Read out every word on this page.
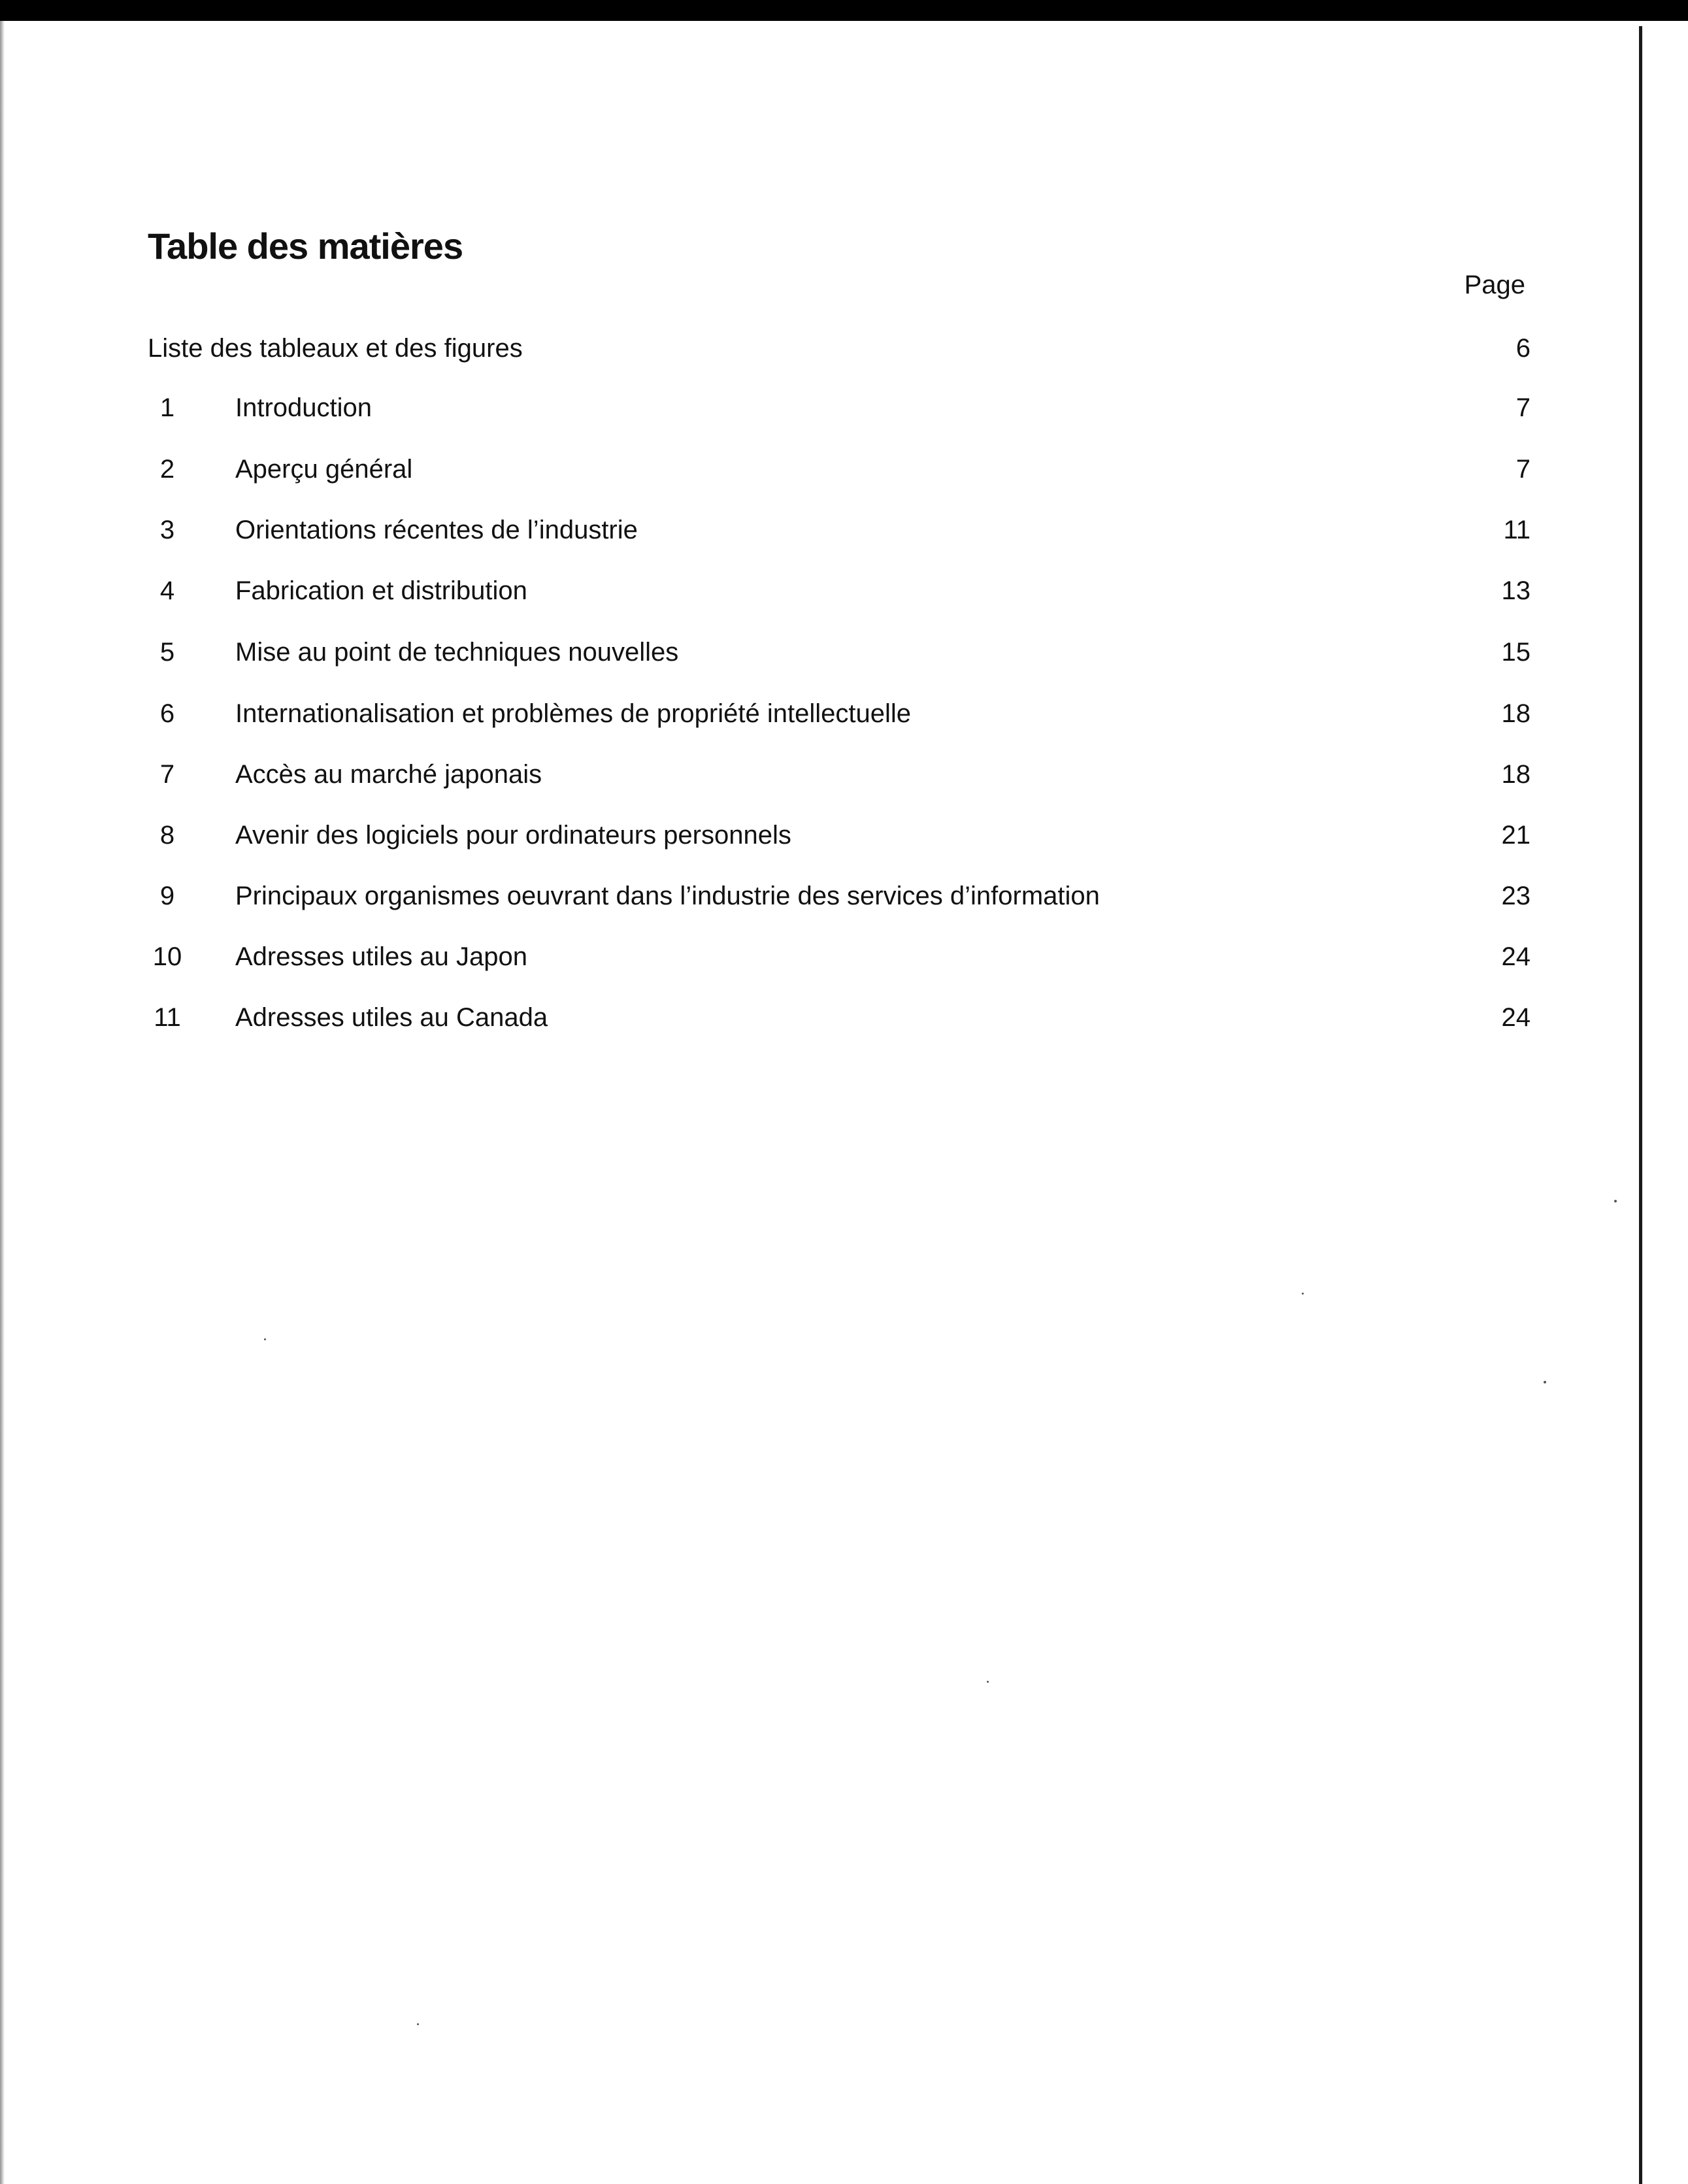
Table des matières
Page
Liste des tableaux et des figures	6
1	Introduction	7
2	Aperçu général	7
3	Orientations récentes de l’industrie	11
4	Fabrication et distribution	13
5	Mise au point de techniques nouvelles	15
6	Internationalisation et problèmes de propriété intellectuelle	18
7	Accès au marché japonais	18
8	Avenir des logiciels pour ordinateurs personnels	21
9	Principaux organismes oeuvrant dans l’industrie des services d’information	23
10 Adresses utiles au Japon	24
11 Adresses utiles au Canada	24
